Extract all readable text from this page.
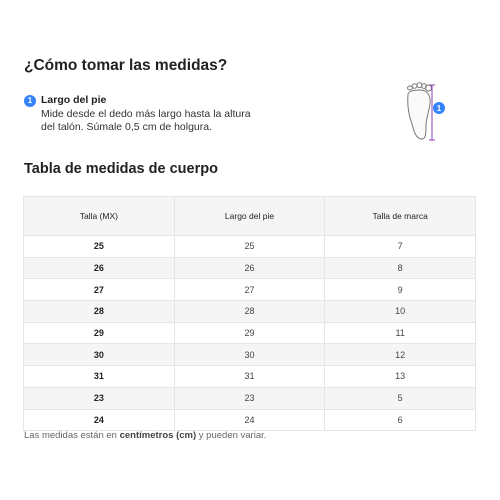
¿Cómo tomar las medidas?
1 Largo del pie
Mide desde el dedo más largo hasta la altura del talón. Súmale 0,5 cm de holgura.
1
Tabla de medidas de cuerpo
Talla (MX)	Largo del pie	Talla de marca
25	25	7
26	26	8
27	27	9
28	28	10
29	29	11
30	30	12
31	31	13
23	23	5
24	24	6
Las medidas están en centímetros (cm) y pueden variar.
